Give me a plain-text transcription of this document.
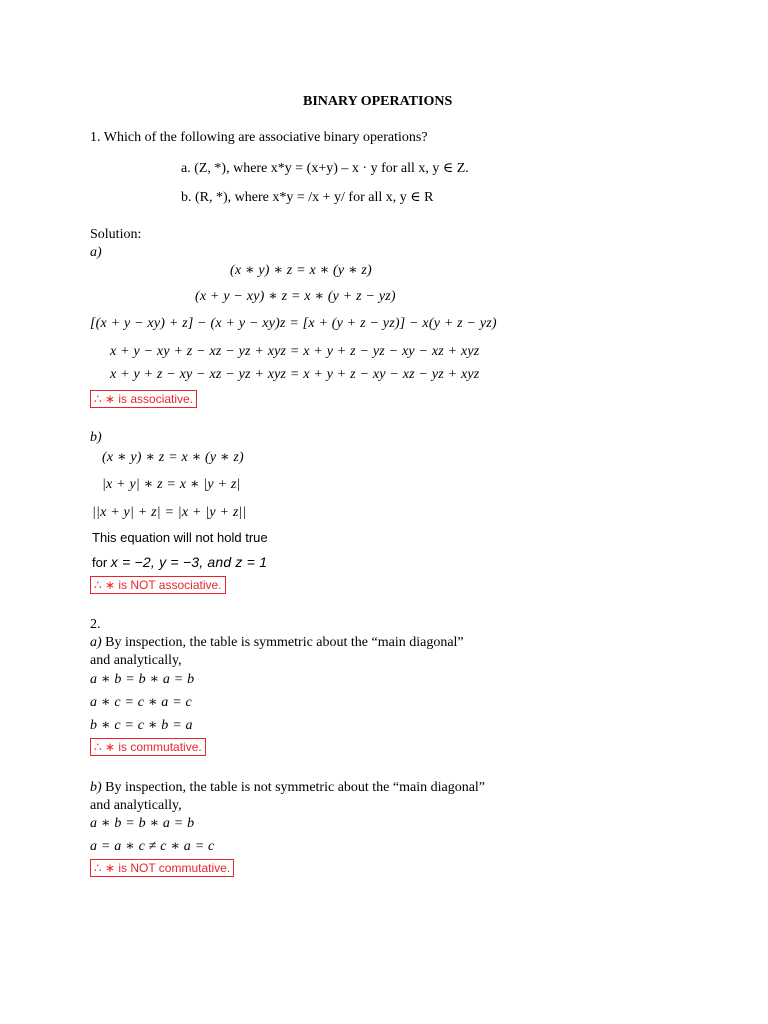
BINARY OPERATIONS
1. Which of the following are associative binary operations?
a. (Z, *), where x*y = (x+y) – x · y for all x, y ∈ Z.
b. (R, *), where x*y = /x + y/ for all x, y ∈ R
Solution:
a)
(x ∗ y) ∗ z = x ∗ (y ∗ z)
(x + y − xy) ∗ z = x ∗ (y + z − yz)
[(x + y − xy) + z] − (x + y − xy)z = [x + (y + z − yz)] − x(y + z − yz)
x + y − xy + z − xz − yz + xyz = x + y + z − yz − xy − xz + xyz
x + y + z − xy − xz − yz + xyz = x + y + z − xy − xz − yz + xyz
∴ ∗ is associative.
b)
(x ∗ y) ∗ z = x ∗ (y ∗ z)
|x + y| ∗ z = x ∗ |y + z|
||x + y| + z| = |x + |y + z||
This equation will not hold true
for x = −2, y = −3, and z = 1
∴ ∗ is NOT associative.
2.
a) By inspection, the table is symmetric about the “main diagonal”
and analytically,
a ∗ b = b ∗ a = b
a ∗ c = c ∗ a = c
b ∗ c = c ∗ b = a
∴ ∗ is commutative.
b) By inspection, the table is not symmetric about the “main diagonal”
and analytically,
a ∗ b = b ∗ a = b
a = a ∗ c ≠ c ∗ a = c
∴ ∗ is NOT commutative.
